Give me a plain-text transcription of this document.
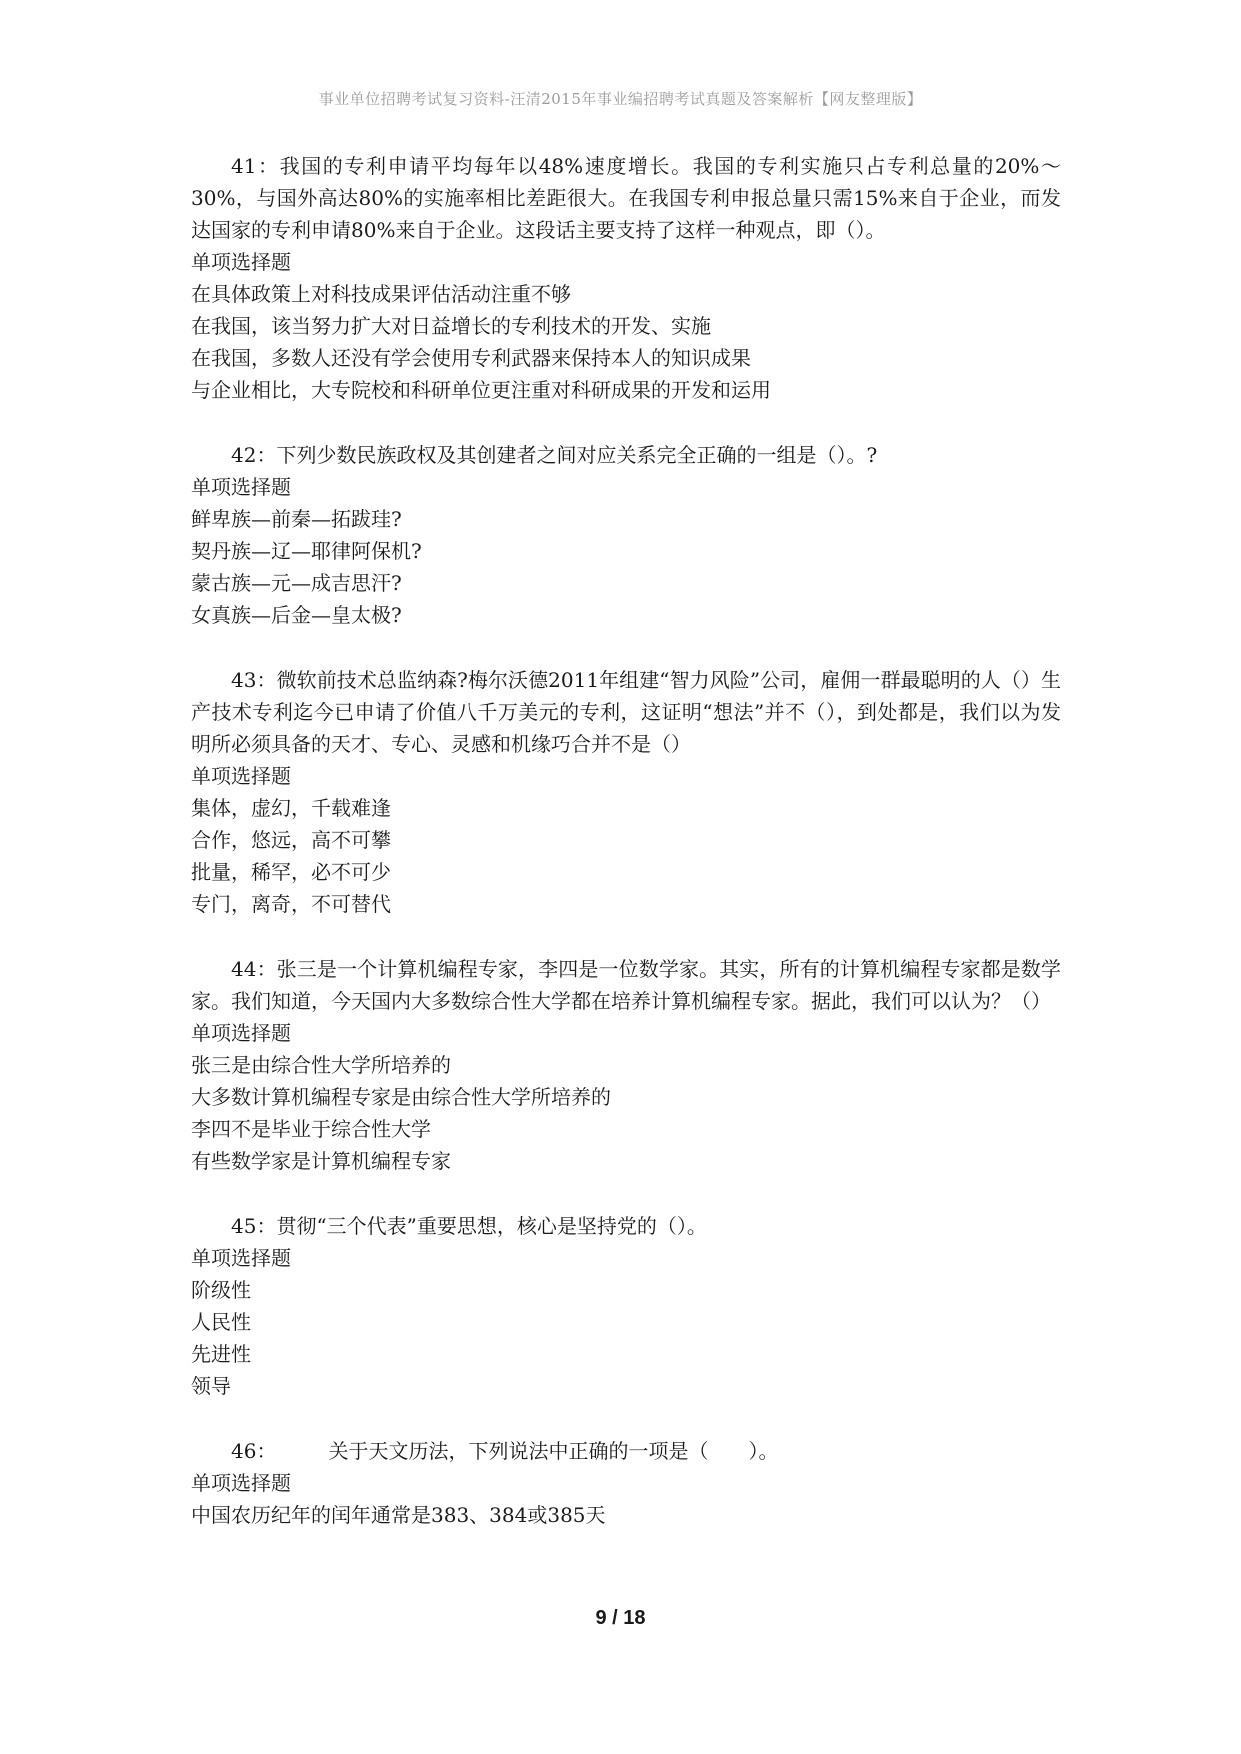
事业单位招聘考试复习资料-汪清2015年事业编招聘考试真题及答案解析【网友整理版】

41：我国的专利申请平均每年以48%速度增长。我国的专利实施只占专利总量的20%～30%，与国外高达80%的实施率相比差距很大。在我国专利申报总量只需15%来自于企业，而发达国家的专利申请80%来自于企业。这段话主要支持了这样一种观点，即（）。

单项选择题

在具体政策上对科技成果评估活动注重不够

在我国，该当努力扩大对日益增长的专利技术的开发、实施

在我国，多数人还没有学会使用专利武器来保持本人的知识成果

与企业相比，大专院校和科研单位更注重对科研成果的开发和运用

42：下列少数民族政权及其创建者之间对应关系完全正确的一组是（）。?

单项选择题

鲜卑族—前秦—拓跋珪?

契丹族—辽—耶律阿保机?

蒙古族—元—成吉思汗?

女真族—后金—皇太极?

43：微软前技术总监纳森?梅尔沃德2011年组建“智力风险”公司，雇佣一群最聪明的人（）生产技术专利迄今已申请了价值八千万美元的专利，这证明“想法”并不（），到处都是，我们以为发明所必须具备的天才、专心、灵感和机缘巧合并不是（）

单项选择题

集体，虚幻，千载难逢

合作，悠远，高不可攀

批量，稀罕，必不可少

专门，离奇，不可替代

44：张三是一个计算机编程专家，李四是一位数学家。其实，所有的计算机编程专家都是数学家。我们知道，今天国内大多数综合性大学都在培养计算机编程专家。据此，我们可以认为？（）

单项选择题

张三是由综合性大学所培养的

大多数计算机编程专家是由综合性大学所培养的

李四不是毕业于综合性大学

有些数学家是计算机编程专家

45：贯彻“三个代表”重要思想，核心是坚持党的（）。

单项选择题

阶级性

人民性

先进性

领导

46：	关于天文历法，下列说法中正确的一项是（　　）。

单项选择题

中国农历纪年的闰年通常是383、384或385天

9 / 18
